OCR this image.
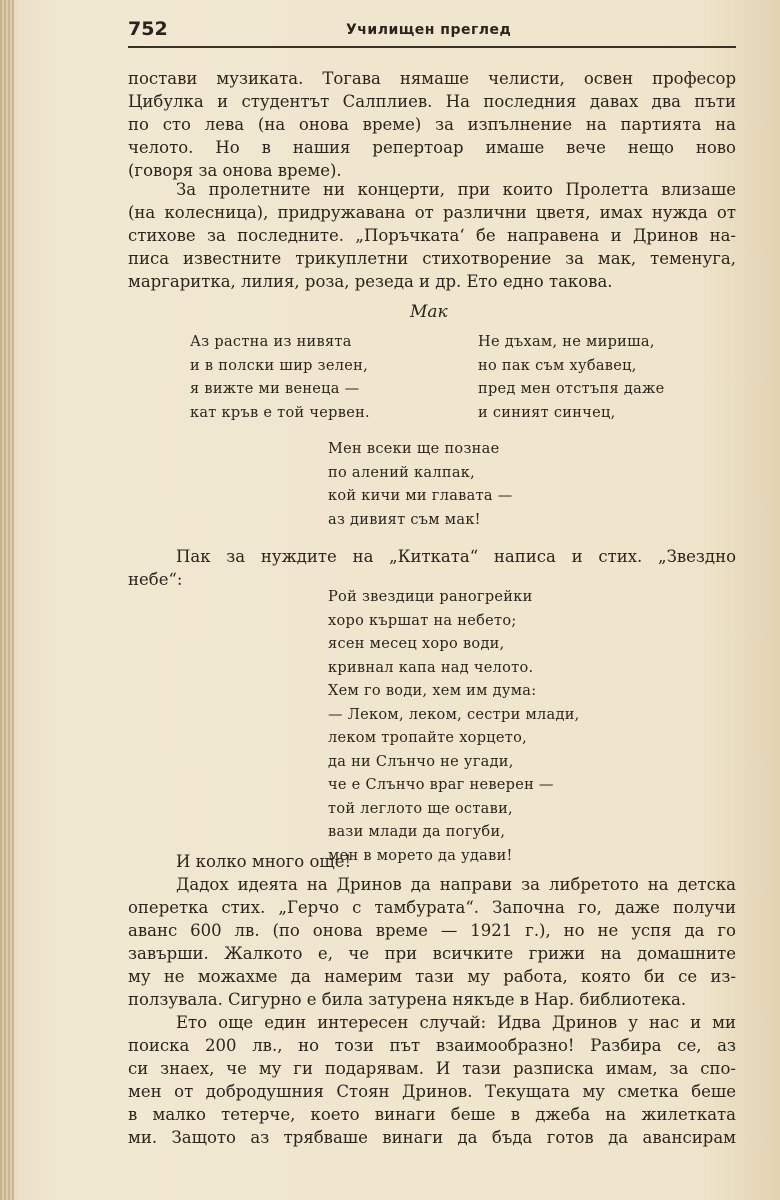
752	Училищен преглед
постави музиката. Тогава нямаше челисти, освен професор
Цибулка и студентът Салплиев. На последния давах два пъти
по сто лева (на онова време) за изпълнение на партията на
челото. Но в нашия репертоар имаше вече нещо ново
(говоря за онова време).
За пролетните ни концерти, при които Пролетта влизаше
(на колесница), придружавана от различни цветя, имах нужда от
стихове за последните. „Поръчката‘ бе направена и Дринов на-
писа известните трикуплетни стихотворение за мак, теменуга,
маргаритка, лилия, роза, резеда и др. Ето едно такова.
Мак
Аз растна из нивята
и в полски шир зелен,
я вижте ми венеца —
кат кръв е той червен.
Не дъхам, не мириша,
но пак съм хубавец,
пред мен отстъпя даже
и синият синчец,
Мен всеки ще познае
по алений калпак,
кой кичи ми главата —
аз дивият съм мак!
Пак за нуждите на „Китката“ написа и стих. „Звездно
небе“:
Рой звездици раногрейки
хоро кършат на небето;
ясен месец хоро води,
кривнал капа над челото.
Хем го води, хем им дума:
— Леком, леком, сестри млади,
леком тропайте хорцето,
да ни Слънчо не угади,
че е Слънчо враг неверен —
той леглото ще остави,
вази млади да погуби,
мен в морето да удави!
И колко много още!
Дадох идеята на Дринов да направи за либретото на детска
оперетка стих. „Герчо с тамбурата“. Започна го, даже получи
аванс 600 лв. (по онова време — 1921 г.), но не успя да го
завърши. Жалкото е, че при всичките грижи на домашните
му не можахме да намерим тази му работа, която би се из-
ползувала. Сигурно е била затурена някъде в Нар. библиотека.
Ето още един интересен случай: Идва Дринов у нас и ми
поиска 200 лв., но този път взаимообразно! Разбира се, аз
си знаех, че му ги подарявам. И тази разписка имам, за спо-
мен от добродушния Стоян Дринов. Текущата му сметка беше
в малко тетерче, което винаги беше в джеба на жилетката
ми. Защото аз трябваше винаги да бъда готов да авансирам
